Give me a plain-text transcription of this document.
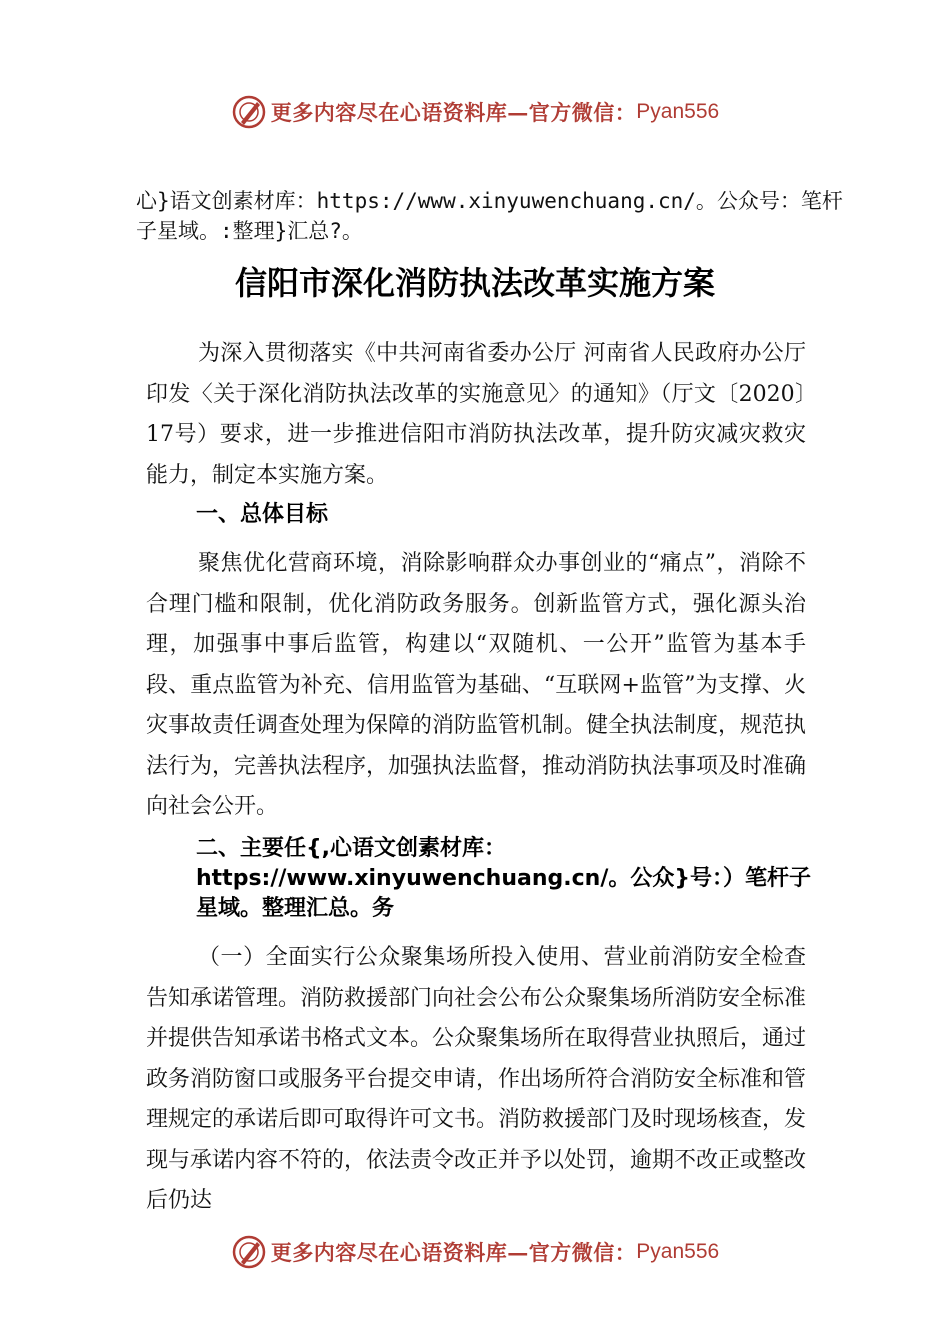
更多内容尽在心语资料库—官方微信： Pyan556
心}语文创素材库：https://www.xinyuwenchuang.cn/。公众号：笔杆子星域。:整理}汇总?。
信阳市深化消防执法改革实施方案

为深入贯彻落实《中共河南省委办公厅 河南省人民政府办公厅印发〈关于深化消防执法改革的实施意见〉的通知》（厅文〔2020〕17号）要求，进一步推进信阳市消防执法改革，提升防灾减灾救灾能力，制定本实施方案。

一、总体目标

聚焦优化营商环境，消除影响群众办事创业的“痛点”，消除不合理门槛和限制，优化消防政务服务。创新监管方式，强化源头治理，加强事中事后监管，构建以“双随机、一公开”监管为基本手段、重点监管为补充、信用监管为基础、“互联网+监管”为支撑、火灾事故责任调查处理为保障的消防监管机制。健全执法制度，规范执法行为，完善执法程序，加强执法监督，推动消防执法事项及时准确向社会公开。

二、主要任{,心语文创素材库：https://www.xinyuwenchuang.cn/。公众}号：）笔杆子星域。整理汇总。务

（一）全面实行公众聚集场所投入使用、营业前消防安全检查告知承诺管理。消防救援部门向社会公布公众聚集场所消防安全标准并提供告知承诺书格式文本。公众聚集场所在取得营业执照后，通过政务消防窗口或服务平台提交申请，作出场所符合消防安全标准和管理规定的承诺后即可取得许可文书。消防救援部门及时现场核查，发现与承诺内容不符的，依法责令改正并予以处罚，逾期不改正或整改后仍达

更多内容尽在心语资料库—官方微信： Pyan556
